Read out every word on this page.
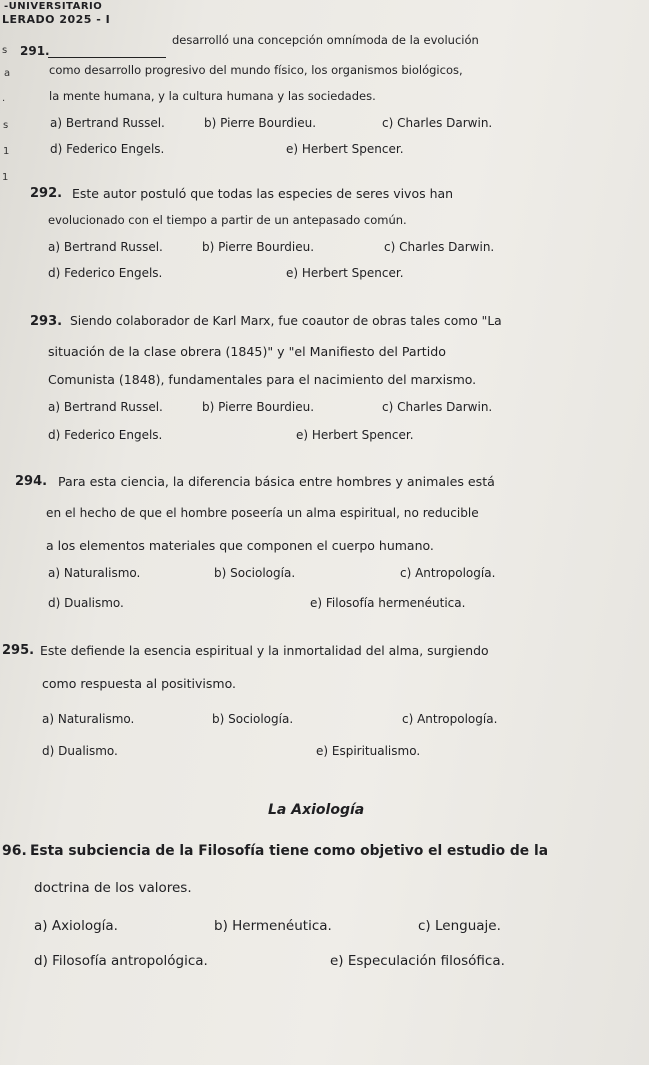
-UNIVERSITARIO
LERADO 2025 - I
s
a
.
s
1
1
291.
desarrolló una concepción omnímoda de la evolución
como desarrollo progresivo del mundo físico, los organismos biológicos,
la mente humana, y la cultura humana y las sociedades.
a) Bertrand Russel.	b) Pierre Bourdieu.	c) Charles Darwin.
d) Federico Engels.	e) Herbert Spencer.
292. Este autor postuló que todas las especies de seres vivos han
evolucionado con el tiempo a partir de un antepasado común.
a) Bertrand Russel.	b) Pierre Bourdieu.	c) Charles Darwin.
d) Federico Engels.	e) Herbert Spencer.
293. Siendo colaborador de Karl Marx, fue coautor de obras tales como "La
situación de la clase obrera (1845)" y "el Manifiesto del Partido
Comunista (1848), fundamentales para el nacimiento del marxismo.
a) Bertrand Russel.	b) Pierre Bourdieu.	c) Charles Darwin.
d) Federico Engels.	e) Herbert Spencer.
294. Para esta ciencia, la diferencia básica entre hombres y animales está
en el hecho de que el hombre poseería un alma espiritual, no reducible
a los elementos materiales que componen el cuerpo humano.
a) Naturalismo.	b) Sociología.	c) Antropología.
d) Dualismo.	e) Filosofía hermenéutica.
295. Este defiende la esencia espiritual y la inmortalidad del alma, surgiendo
como respuesta al positivismo.
a) Naturalismo.	b) Sociología.	c) Antropología.
d) Dualismo.	e) Espiritualismo.
La Axiología
96. Esta subciencia de la Filosofía tiene como objetivo el estudio de la
doctrina de los valores.
a) Axiología.	b) Hermenéutica.	c) Lenguaje.
d) Filosofía antropológica.	e) Especulación filosófica.
